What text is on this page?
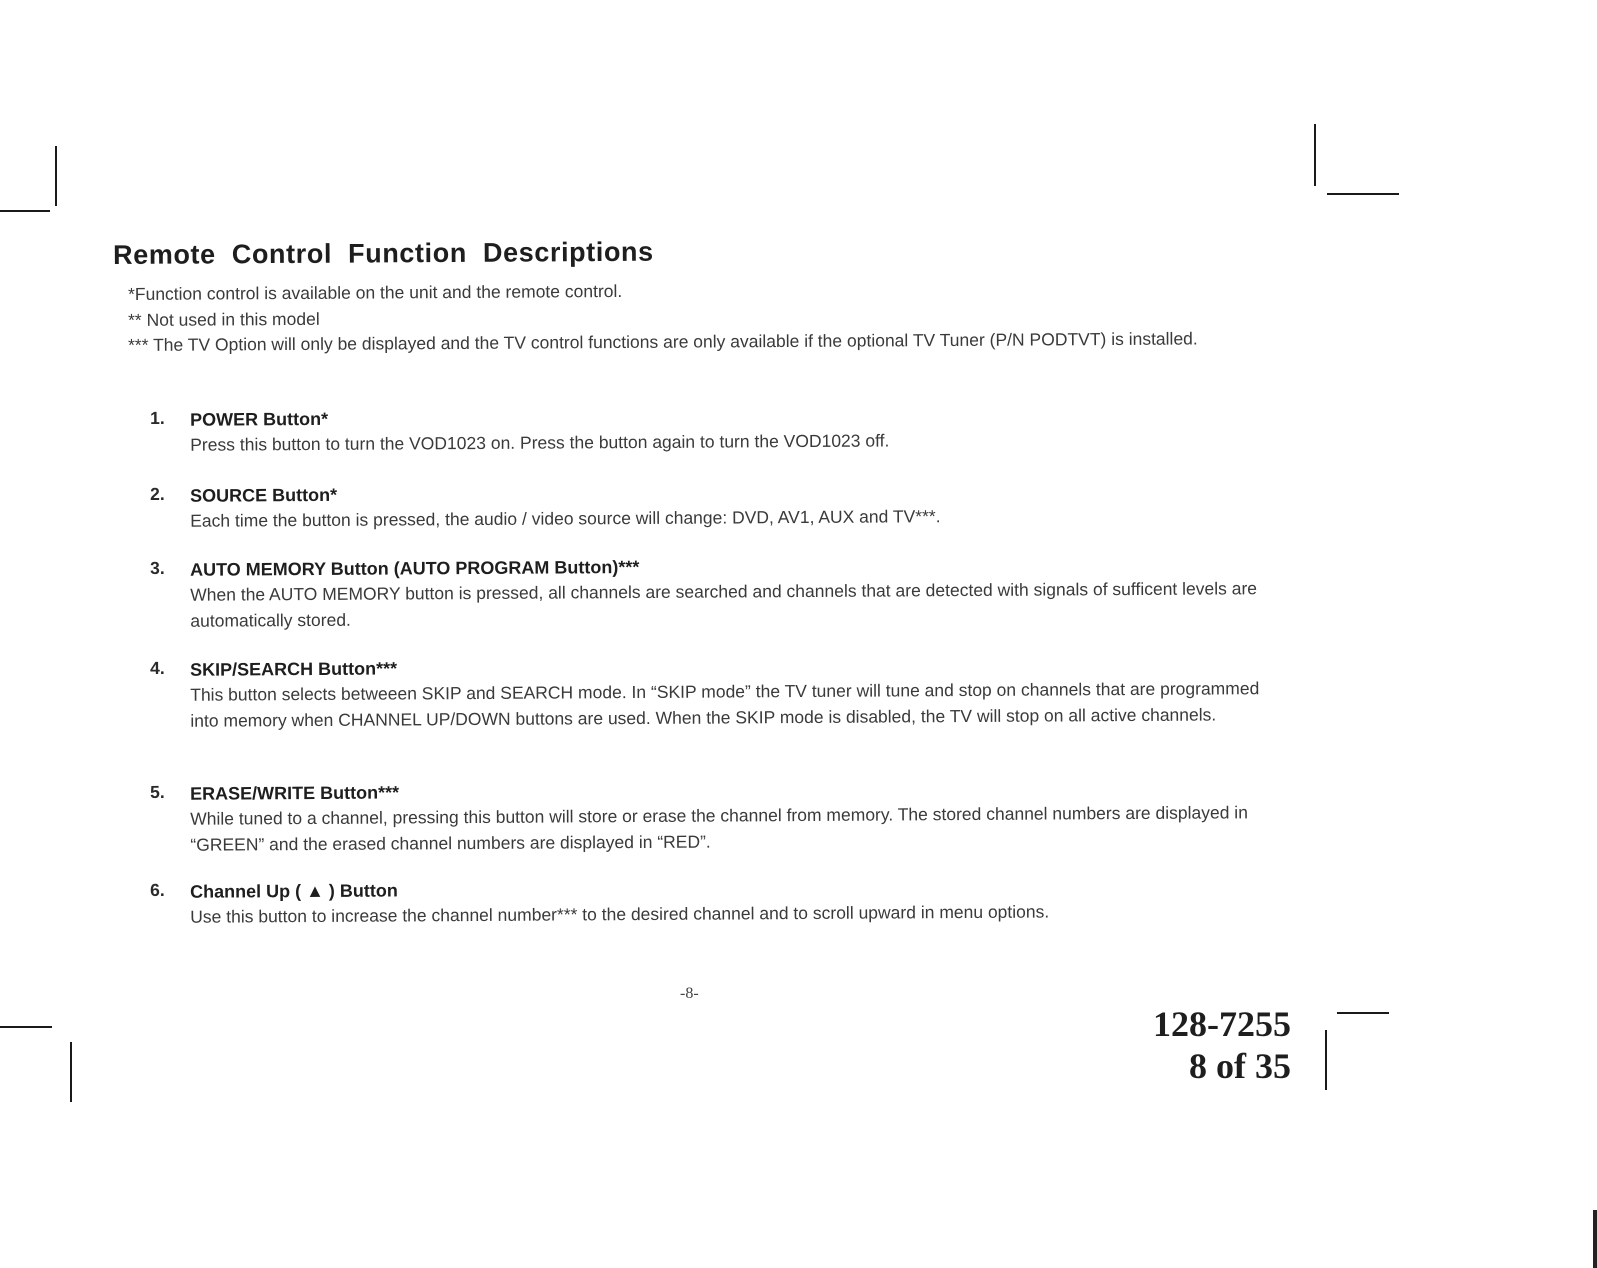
Remote Control Function Descriptions
*Function control is available on the unit and the remote control.
** Not used in this model
*** The TV Option will only be displayed and the TV control functions are only available if the optional TV Tuner (P/N PODTVT) is installed.
1.	POWER Button*
Press this button to turn the VOD1023 on. Press the button again to turn the VOD1023 off.
2.	SOURCE Button*
Each time the button is pressed, the audio / video source will change: DVD, AV1, AUX and TV***.
3.	AUTO MEMORY Button (AUTO PROGRAM Button)***
When the AUTO MEMORY button is pressed, all channels are searched and channels that are detected with signals of sufficent levels are automatically stored.
4.	SKIP/SEARCH Button***
This button selects betweeen SKIP and SEARCH mode. In “SKIP mode” the TV tuner will tune and stop on channels that are programmed into memory when CHANNEL UP/DOWN buttons are used. When the SKIP mode is disabled, the TV will stop on all active channels.
5.	ERASE/WRITE Button***
While tuned to a channel, pressing this button will store or erase the channel from memory. The stored channel numbers are displayed in “GREEN” and the erased channel numbers are displayed in “RED”.
6.	Channel Up ( ▲ ) Button
Use this button to increase the channel number*** to the desired channel and to scroll upward in menu options.
-8-
128-7255
8 of 35
